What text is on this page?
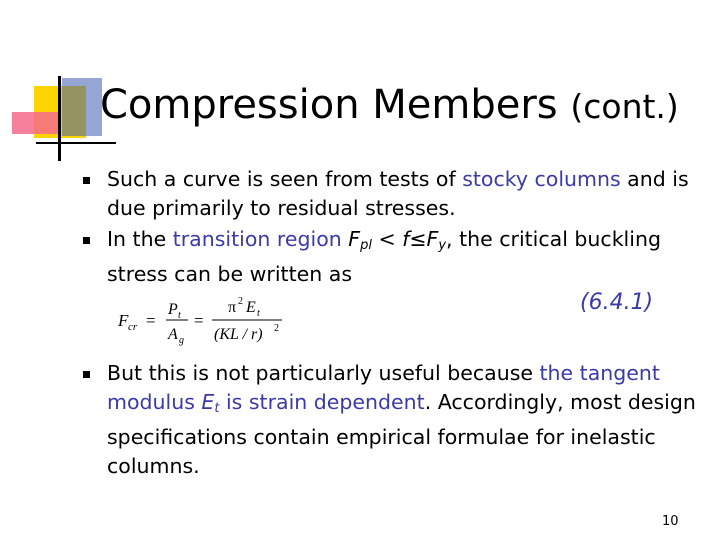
Compression Members (cont.)
Such a curve is seen from tests of stocky columns and is due primarily to residual stresses.
In the transition region $F_{pl} < f\le F_y$, the critical buckling stress can be written as
F cr =
P t
A g
=
π 2 E t
(KL / r) 2
(6.4.1)
But this is not particularly useful because the tangent modulus $E_t$ is strain dependent. Accordingly, most design specifications contain empirical formulae for inelastic columns.
10
